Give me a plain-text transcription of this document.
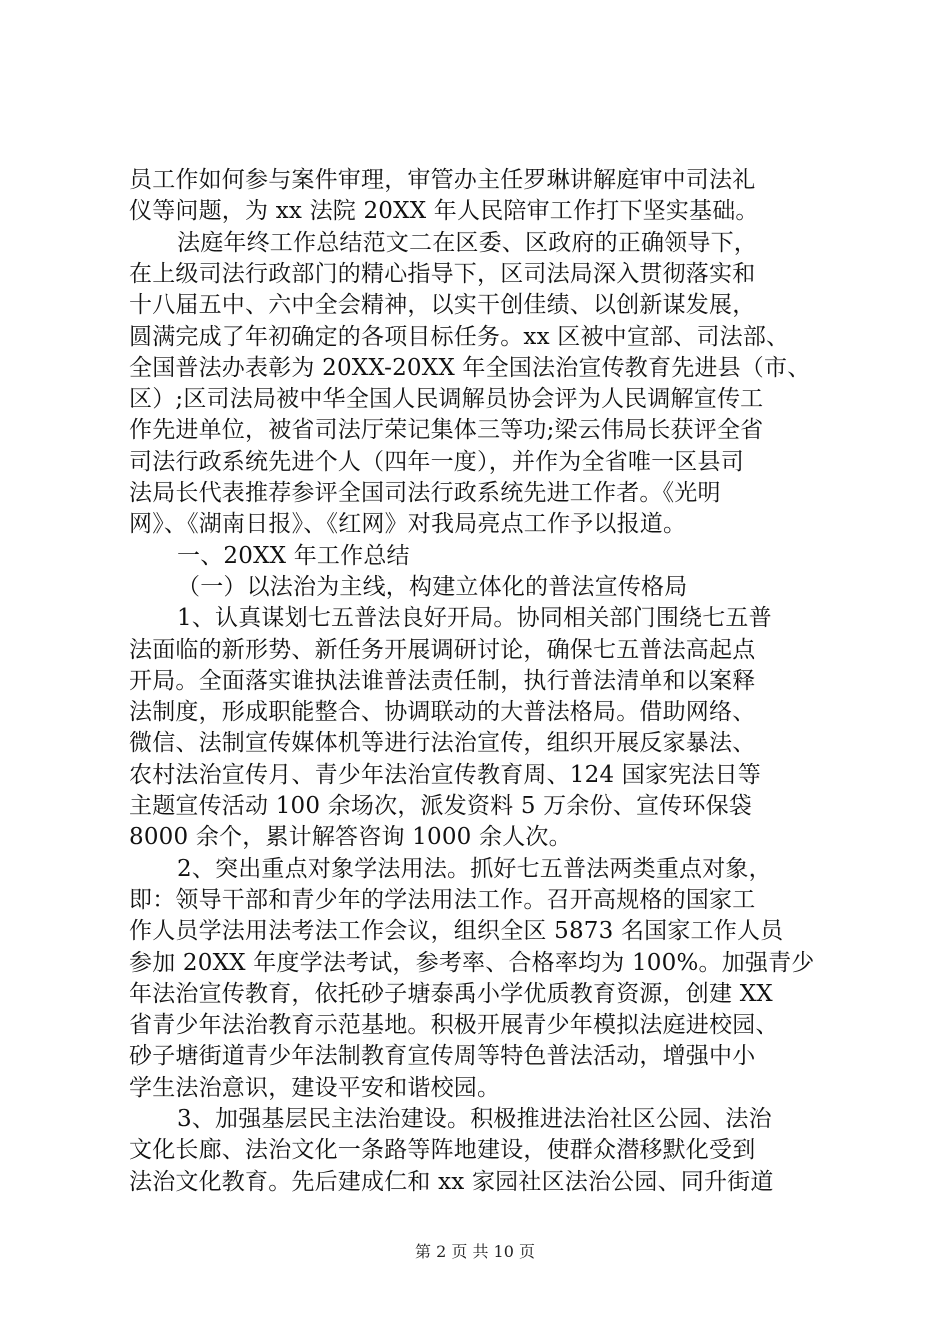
员工作如何参与案件审理，审管办主任罗琳讲解庭审中司法礼

仪等问题，为 xx 法院 20XX 年人民陪审工作打下坚实基础。

法庭年终工作总结范文二在区委、区政府的正确领导下，

在上级司法行政部门的精心指导下，区司法局深入贯彻落实和

十八届五中、六中全会精神，以实干创佳绩、以创新谋发展，

圆满完成了年初确定的各项目标任务。xx 区被中宣部、司法部、

全国普法办表彰为 20XX-20XX 年全国法治宣传教育先进县（市、

区）;区司法局被中华全国人民调解员协会评为人民调解宣传工

作先进单位，被省司法厅荣记集体三等功;梁云伟局长获评全省

司法行政系统先进个人（四年一度），并作为全省唯一区县司

法局长代表推荐参评全国司法行政系统先进工作者。《光明

网》、《湖南日报》、《红网》对我局亮点工作予以报道。

一、20XX 年工作总结

（一）以法治为主线，构建立体化的普法宣传格局

1、认真谋划七五普法良好开局。协同相关部门围绕七五普

法面临的新形势、新任务开展调研讨论，确保七五普法高起点

开局。全面落实谁执法谁普法责任制，执行普法清单和以案释

法制度，形成职能整合、协调联动的大普法格局。借助网络、

微信、法制宣传媒体机等进行法治宣传，组织开展反家暴法、

农村法治宣传月、青少年法治宣传教育周、124 国家宪法日等

主题宣传活动 100 余场次，派发资料 5 万余份、宣传环保袋

8000 余个，累计解答咨询 1000 余人次。

2、突出重点对象学法用法。抓好七五普法两类重点对象，

即：领导干部和青少年的学法用法工作。召开高规格的国家工

作人员学法用法考法工作会议，组织全区 5873 名国家工作人员

参加 20XX 年度学法考试，参考率、合格率均为 100%。加强青少

年法治宣传教育，依托砂子塘泰禹小学优质教育资源，创建 XX

省青少年法治教育示范基地。积极开展青少年模拟法庭进校园、

砂子塘街道青少年法制教育宣传周等特色普法活动，增强中小

学生法治意识，建设平安和谐校园。

3、加强基层民主法治建设。积极推进法治社区公园、法治

文化长廊、法治文化一条路等阵地建设，使群众潜移默化受到

法治文化教育。先后建成仁和 xx 家园社区法治公园、同升街道

第 2 页 共 10 页
